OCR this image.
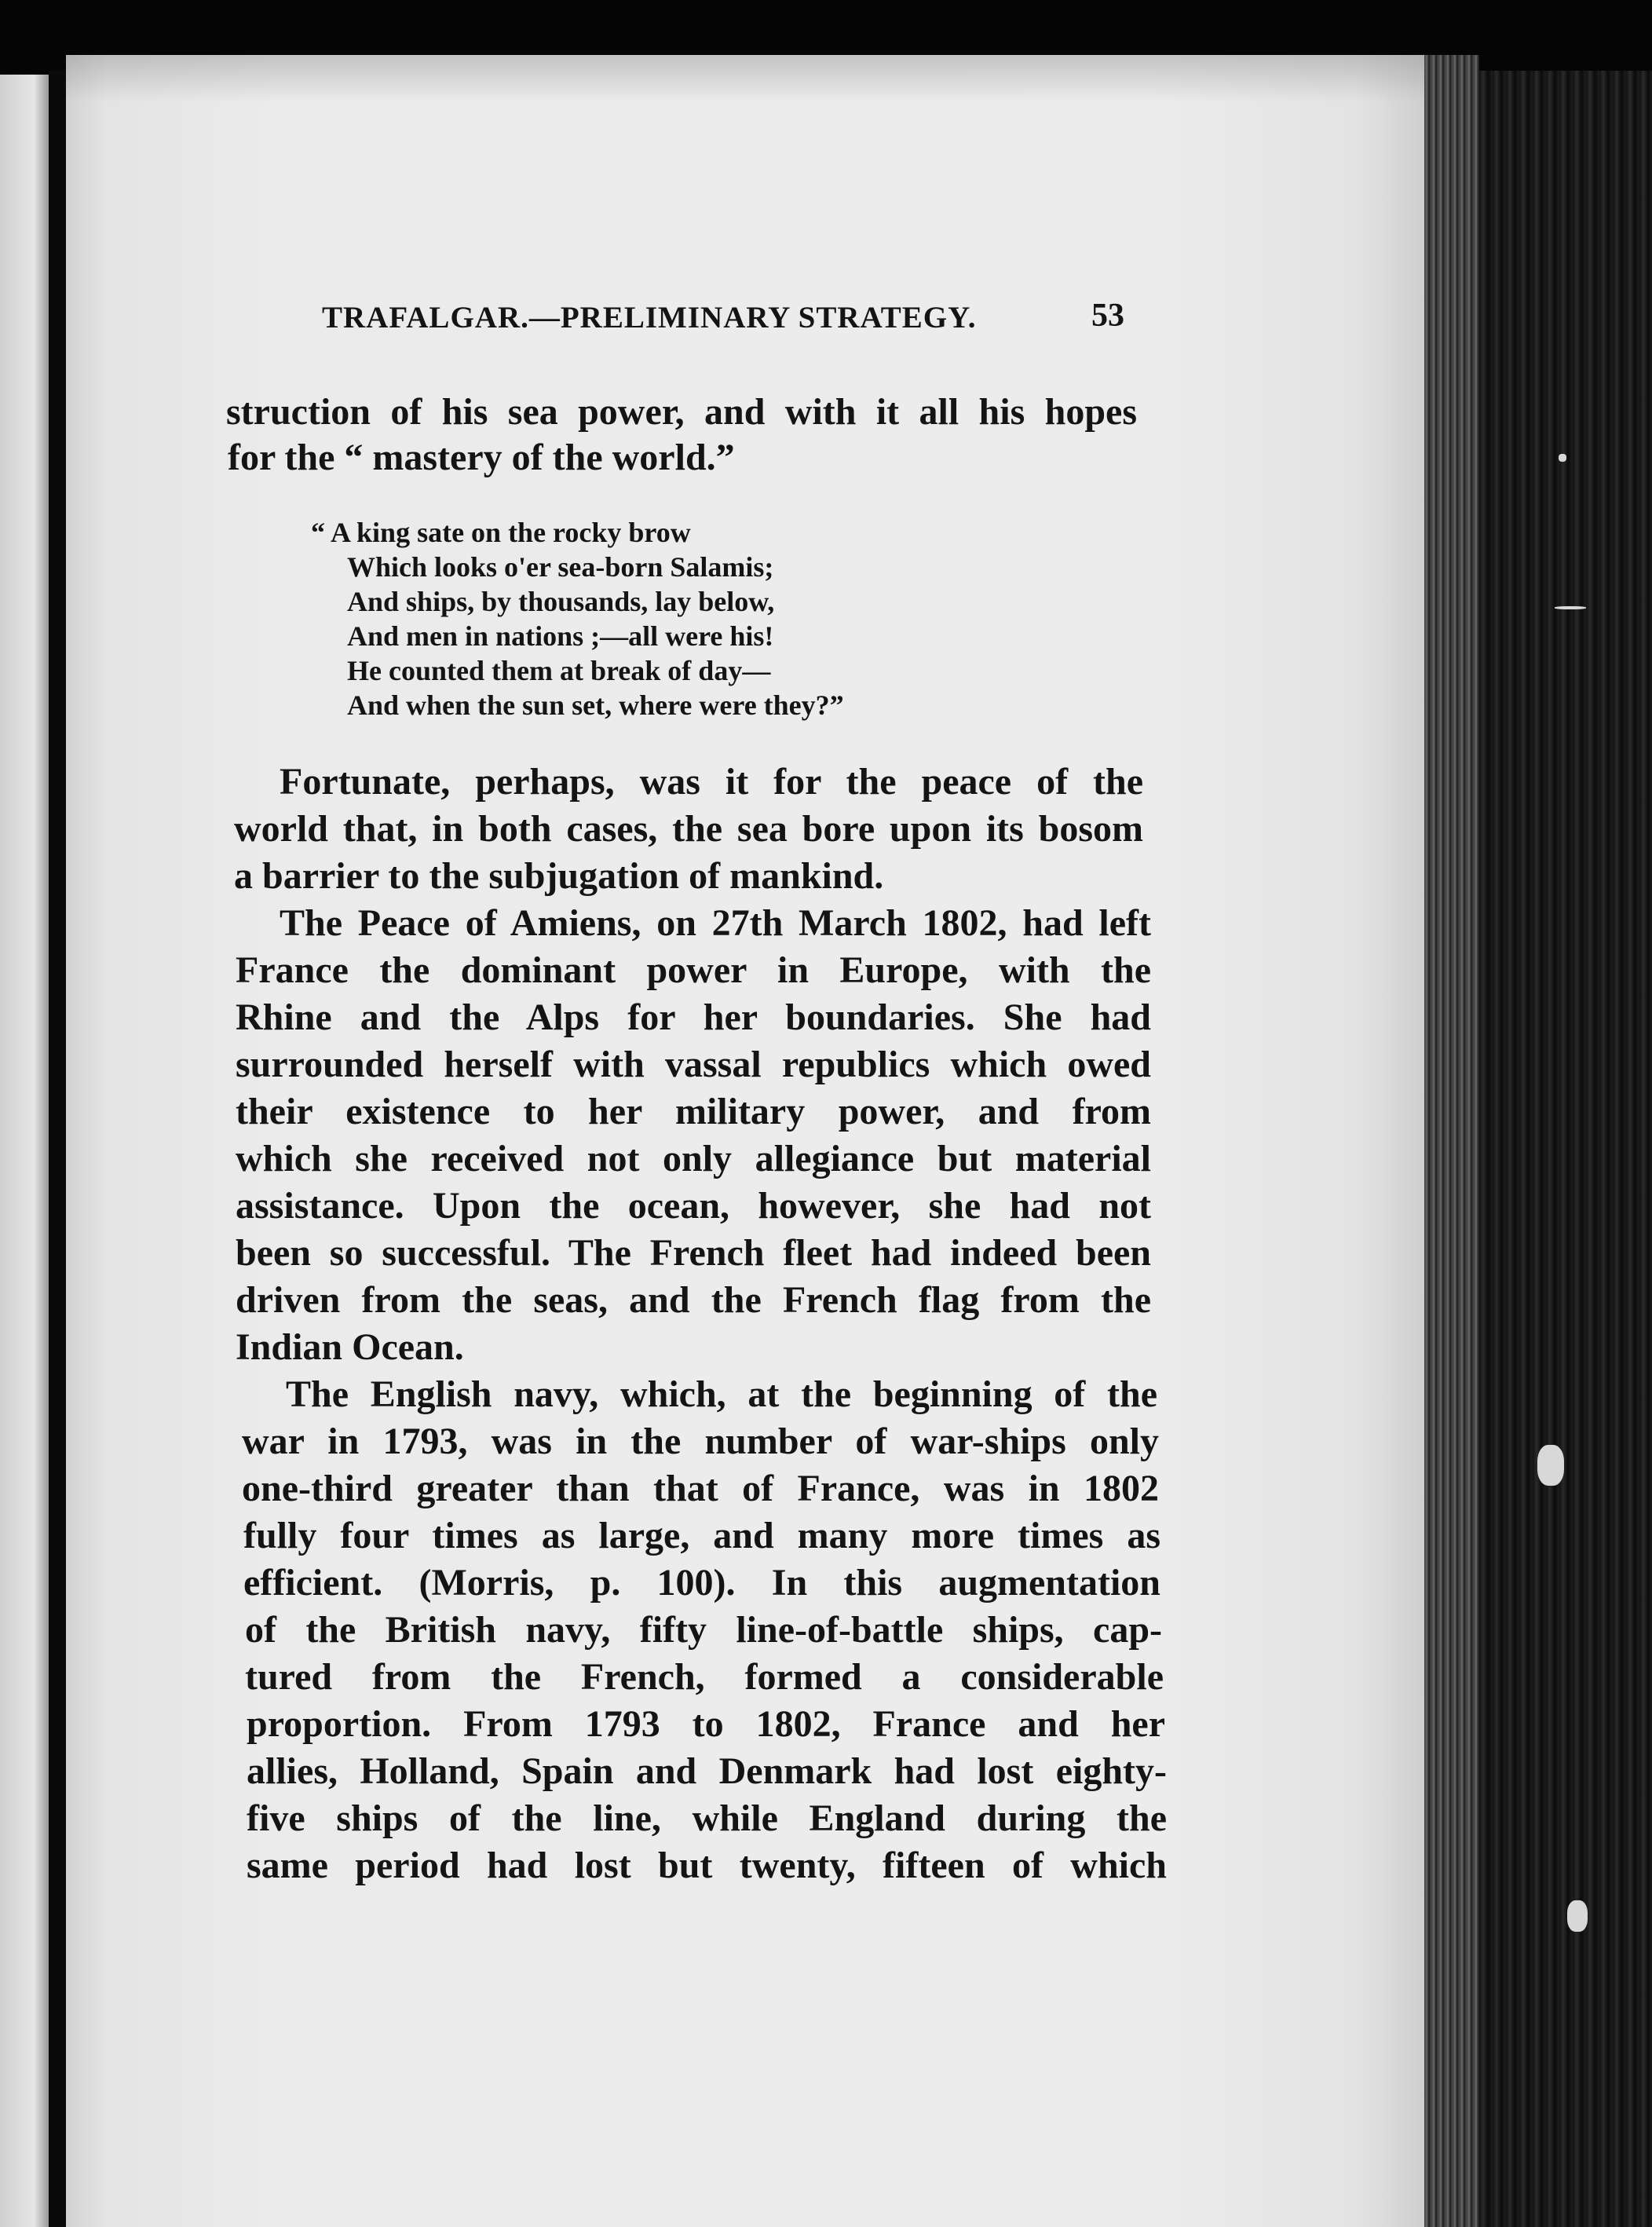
TRAFALGAR.—PRELIMINARY STRATEGY.	53
struction of his sea power, and with it all his hopes
for the “ mastery of the world.”
“ A king sate on the rocky brow
Which looks o'er sea-born Salamis;
And ships, by thousands, lay below,
And men in nations ;—all were his!
He counted them at break of day—
And when the sun set, where were they?”
Fortunate, perhaps, was it for the peace of the
world that, in both cases, the sea bore upon its bosom
a barrier to the subjugation of mankind.
The Peace of Amiens, on 27th March 1802, had left
France the dominant power in Europe, with the
Rhine and the Alps for her boundaries. She had
surrounded herself with vassal republics which owed
their existence to her military power, and from
which she received not only allegiance but material
assistance. Upon the ocean, however, she had not
been so successful. The French fleet had indeed been
driven from the seas, and the French flag from the
Indian Ocean.
The English navy, which, at the beginning of the
war in 1793, was in the number of war-ships only
one-third greater than that of France, was in 1802
fully four times as large, and many more times as
efficient. (Morris, p. 100). In this augmentation
of the British navy, fifty line-of-battle ships, cap-
tured from the French, formed a considerable
proportion. From 1793 to 1802, France and her
allies, Holland, Spain and Denmark had lost eighty-
five ships of the line, while England during the
same period had lost but twenty, fifteen of which
